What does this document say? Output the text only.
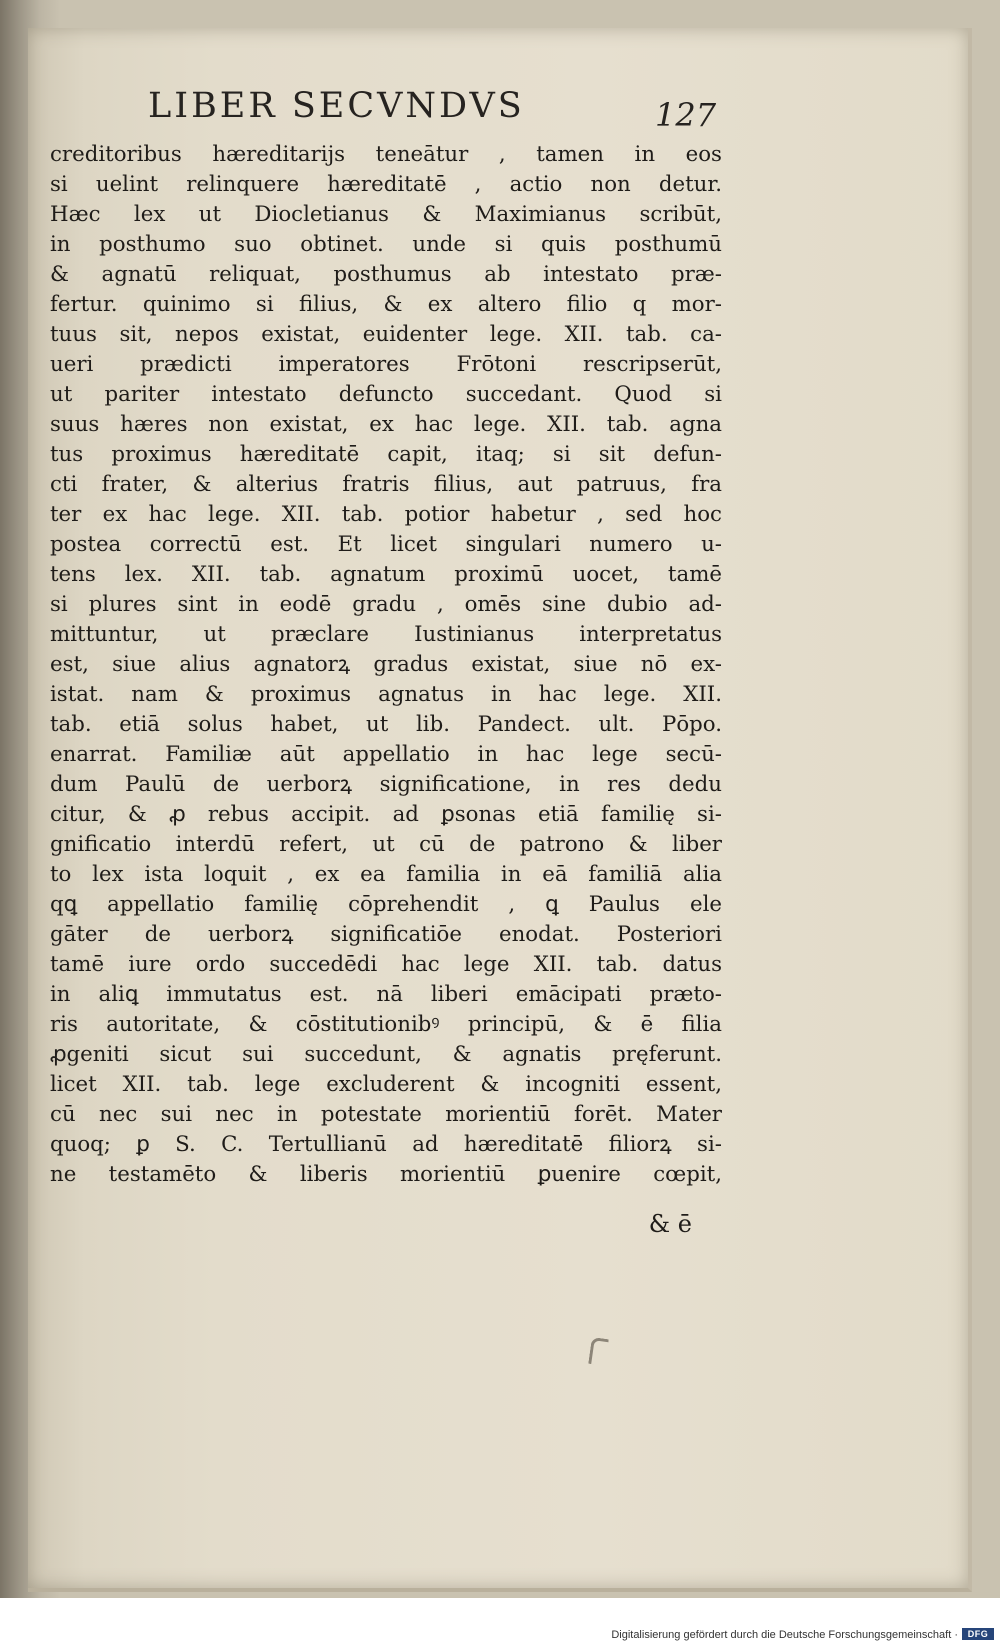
LIBER SECVNDVS	127
creditoribus hæreditarijs teneātur , tamen in eos
si uelint relinquere hæreditatē , actio non detur.
Hæc lex ut Diocletianus & Maximianus scribūt,
in posthumo suo obtinet. unde si quis posthumū
& agnatū reliquat, posthumus ab intestato præ-
fertur. quinimo si filius, & ex altero filio q mor-
tuus sit, nepos existat, euidenter lege. XII. tab. ca-
ueri prædicti imperatores Frōtoni rescripserūt,
ut pariter intestato defuncto succedant. Quod si
suus hæres non existat, ex hac lege. XII. tab. agna
tus proximus hæreditatē capit, itaq; si sit defun-
cti frater, & alterius fratris filius, aut patruus, fra
ter ex hac lege. XII. tab. potior habetur , sed hoc
postea correctū est. Et licet singulari numero u-
tens lex. XII. tab. agnatum proximū uocet, tamē
si plures sint in eodē gradu , omēs sine dubio ad-
mittuntur, ut præclare Iustinianus interpretatus
est, siue alius agnatorꝝ gradus existat, siue nō ex-
istat. nam & proximus agnatus in hac lege. XII.
tab. etiā solus habet, ut lib. Pandect. ult. Pōpo.
enarrat. Familiæ aūt appellatio in hac lege secū-
dum Paulū de uerborꝝ significatione, in res dedu
citur, & ꝓ rebus accipit. ad ꝑsonas etiā familię si-
gnificatio interdū refert, ut cū de patrono & liber
to lex ista loquit , ex ea familia in eā familiā alia
qꝗ appellatio familię cōprehendit , ꝗ Paulus ele
gāter de uerborꝝ significatiōe enodat. Posteriori
tamē iure ordo succedēdi hac lege XII. tab. datus
in aliꝗ immutatus est. nā liberi emācipati præto-
ris autoritate, & cōstitutionibꝰ principū, & ē filia
ꝓgeniti sicut sui succedunt, & agnatis pręferunt.
licet XII. tab. lege excluderent & incogniti essent,
cū nec sui nec in potestate morientiū forēt. Mater
quoq; ꝑ S. C. Tertullianū ad hæreditatē filiorꝝ si-
ne testamēto & liberis morientiū ꝑuenire cœpit,
& ē
Digitalisierung gefördert durch die Deutsche Forschungsgemeinschaft ·	DFG
